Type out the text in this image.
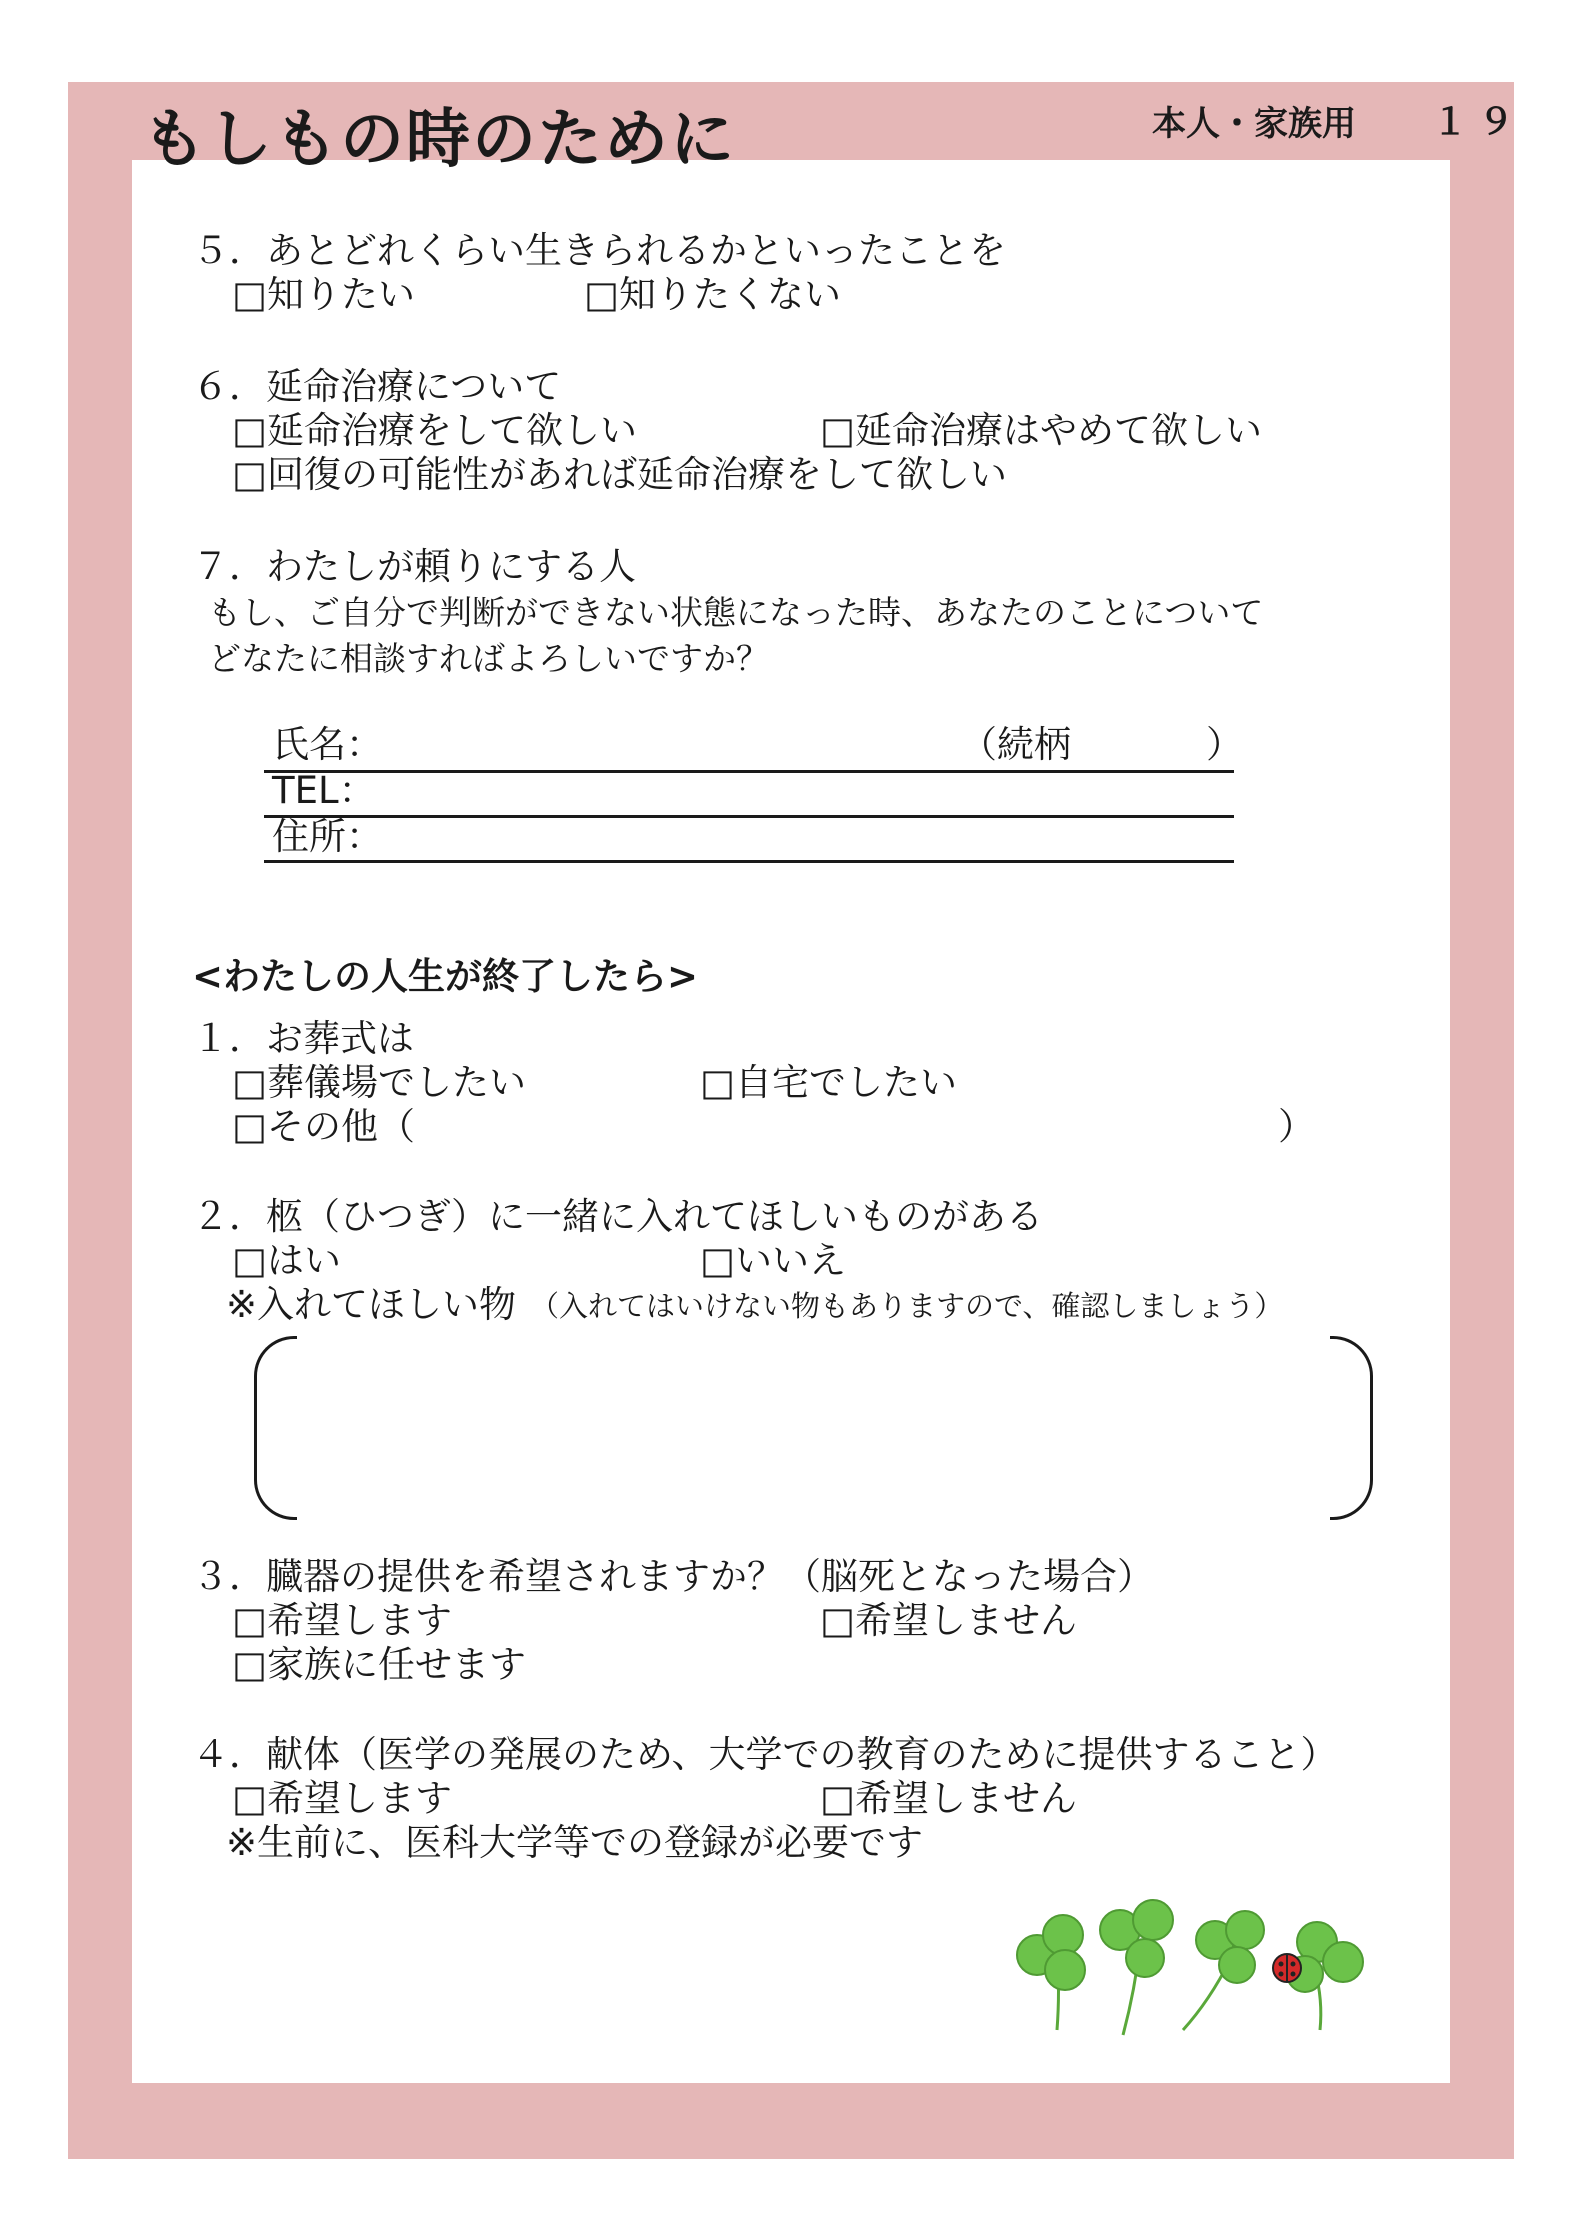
もしもの時のために	本人・家族用 １９
５．あとどれくらい生きられるかといったことを
□知りたい	□知りたくない
６．延命治療について
□延命治療をして欲しい	□延命治療はやめて欲しい
□回復の可能性があれば延命治療をして欲しい
７．わたしが頼りにする人
もし、ご自分で判断ができない状態になった時、あなたのことについて
どなたに相談すればよろしいですか？
氏名：	（続柄	）
TEL：
住所：
<わたしの人生が終了したら>
１．お葬式は
□葬儀場でしたい	□自宅でしたい
□その他（	）
２．柩（ひつぎ）に一緒に入れてほしいものがある
□はい	□いいえ
※入れてほしい物 （入れてはいけない物もありますので、確認しましょう）
３．臓器の提供を希望されますか？（脳死となった場合）
□希望します	□希望しません
□家族に任せます
４．献体（医学の発展のため、大学での教育のために提供すること）
□希望します	□希望しません
※生前に、医科大学等での登録が必要です
